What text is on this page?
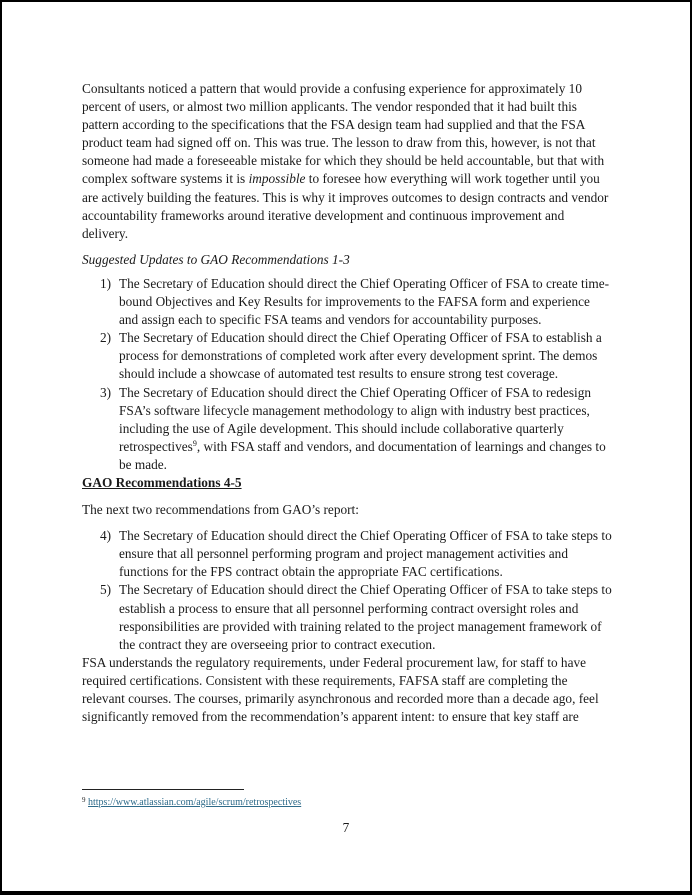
Consultants noticed a pattern that would provide a confusing experience for approximately 10 percent of users, or almost two million applicants. The vendor responded that it had built this pattern according to the specifications that the FSA design team had supplied and that the FSA product team had signed off on. This was true. The lesson to draw from this, however, is not that someone had made a foreseeable mistake for which they should be held accountable, but that with complex software systems it is impossible to foresee how everything will work together until you are actively building the features. This is why it improves outcomes to design contracts and vendor accountability frameworks around iterative development and continuous improvement and delivery.

Suggested Updates to GAO Recommendations 1-3

1) The Secretary of Education should direct the Chief Operating Officer of FSA to create time-bound Objectives and Key Results for improvements to the FAFSA form and experience and assign each to specific FSA teams and vendors for accountability purposes.
2) The Secretary of Education should direct the Chief Operating Officer of FSA to establish a process for demonstrations of completed work after every development sprint. The demos should include a showcase of automated test results to ensure strong test coverage.
3) The Secretary of Education should direct the Chief Operating Officer of FSA to redesign FSA’s software lifecycle management methodology to align with industry best practices, including the use of Agile development. This should include collaborative quarterly retrospectives$^9$, with FSA staff and vendors, and documentation of learnings and changes to be made.

GAO Recommendations 4-5

The next two recommendations from GAO’s report:

4) The Secretary of Education should direct the Chief Operating Officer of FSA to take steps to ensure that all personnel performing program and project management activities and functions for the FPS contract obtain the appropriate FAC certifications.
5) The Secretary of Education should direct the Chief Operating Officer of FSA to take steps to establish a process to ensure that all personnel performing contract oversight roles and responsibilities are provided with training related to the project management framework of the contract they are overseeing prior to contract execution.

FSA understands the regulatory requirements, under Federal procurement law, for staff to have required certifications. Consistent with these requirements, FAFSA staff are completing the relevant courses. The courses, primarily asynchronous and recorded more than a decade ago, feel significantly removed from the recommendation’s apparent intent: to ensure that key staff are

$^9$ https://www.atlassian.com/agile/scrum/retrospectives
7
